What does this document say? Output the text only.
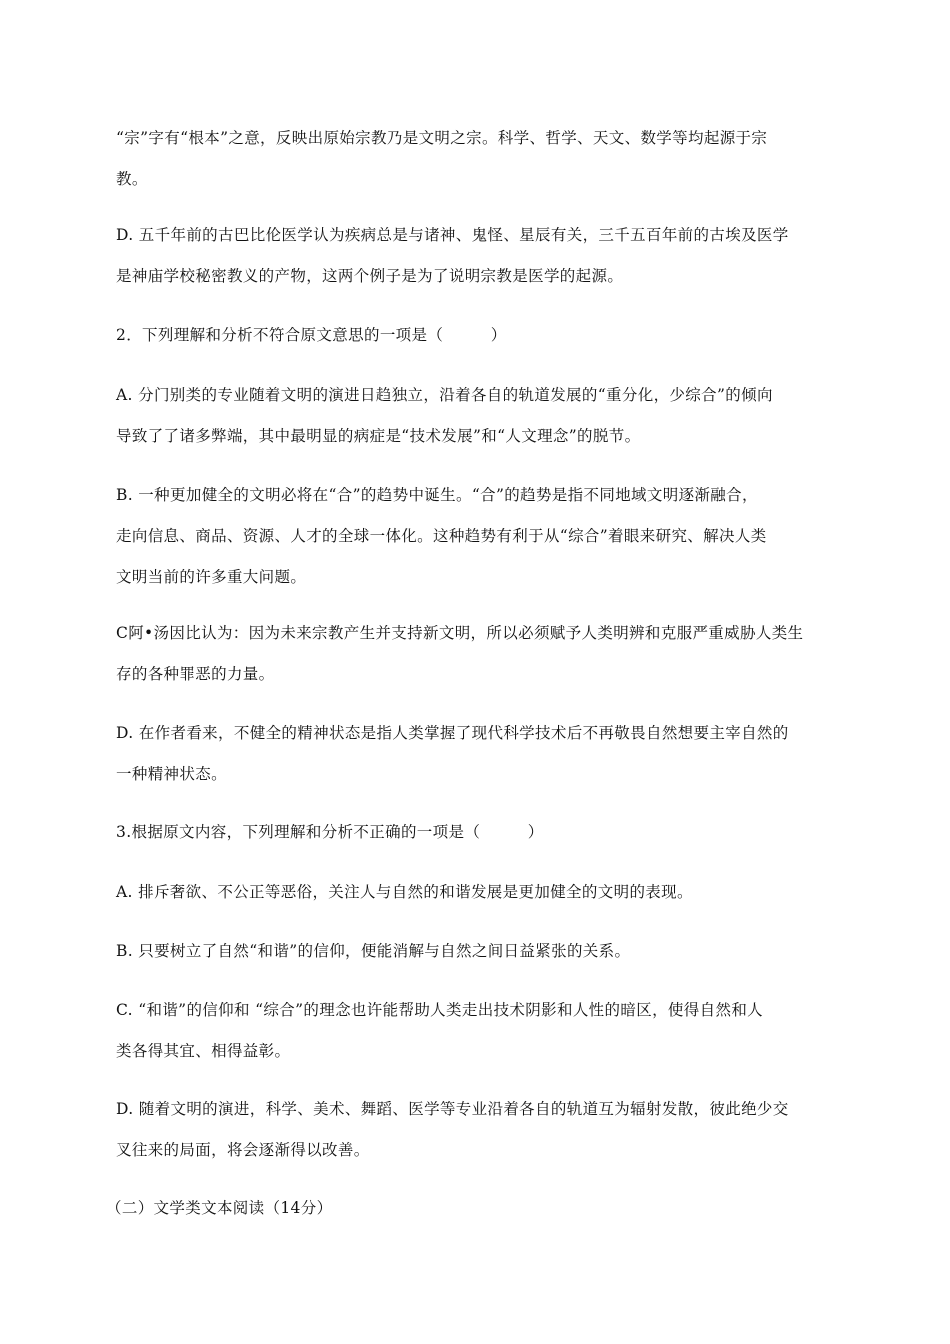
“宗”字有“根本”之意，反映出原始宗教乃是文明之宗。科学、哲学、天文、数学等均起源于宗
教。
D. 五千年前的古巴比伦医学认为疾病总是与诸神、鬼怪、星辰有关，三千五百年前的古埃及医学
是神庙学校秘密教义的产物，这两个例子是为了说明宗教是医学的起源。
2．下列理解和分析不符合原文意思的一项是（　　　）
A. 分门别类的专业随着文明的演进日趋独立，沿着各自的轨道发展的“重分化，少综合”的倾向
导致了了诸多弊端，其中最明显的病症是“技术发展”和“人文理念”的脱节。
B. 一种更加健全的文明必将在“合”的趋势中诞生。“合”的趋势是指不同地域文明逐渐融合，
走向信息、商品、资源、人才的全球一体化。这种趋势有利于从“综合”着眼来研究、解决人类
文明当前的许多重大问题。
C阿•汤因比认为：因为未来宗教产生并支持新文明，所以必须赋予人类明辨和克服严重威胁人类生
存的各种罪恶的力量。
D. 在作者看来，不健全的精神状态是指人类掌握了现代科学技术后不再敬畏自然想要主宰自然的
一种精神状态。
3.根据原文内容，下列理解和分析不正确的一项是（　　　）
A. 排斥奢欲、不公正等恶俗，关注人与自然的和谐发展是更加健全的文明的表现。
B. 只要树立了自然“和谐”的信仰，便能消解与自然之间日益紧张的关系。
C. “和谐”的信仰和 “综合”的理念也许能帮助人类走出技术阴影和人性的暗区，使得自然和人
类各得其宜、相得益彰。
D. 随着文明的演进，科学、美术、舞蹈、医学等专业沿着各自的轨道互为辐射发散，彼此绝少交
叉往来的局面，将会逐渐得以改善。
（二）文学类文本阅读（14分）
